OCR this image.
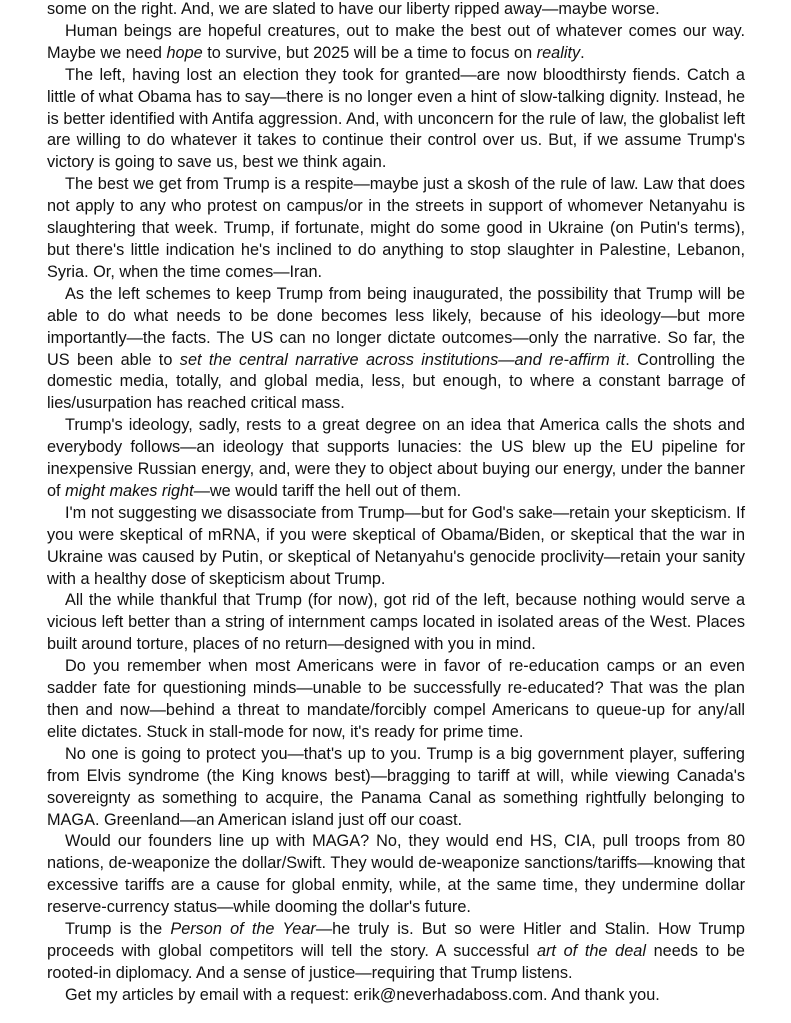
some on the right. And, we are slated to have our liberty ripped away—maybe worse.

Human beings are hopeful creatures, out to make the best out of whatever comes our way. Maybe we need hope to survive, but 2025 will be a time to focus on reality.

The left, having lost an election they took for granted—are now bloodthirsty fiends. Catch a little of what Obama has to say—there is no longer even a hint of slow-talking dignity. Instead, he is better identified with Antifa aggression. And, with unconcern for the rule of law, the globalist left are willing to do whatever it takes to continue their control over us. But, if we assume Trump's victory is going to save us, best we think again.

The best we get from Trump is a respite—maybe just a skosh of the rule of law. Law that does not apply to any who protest on campus/or in the streets in support of whomever Netanyahu is slaughtering that week. Trump, if fortunate, might do some good in Ukraine (on Putin's terms), but there's little indication he's inclined to do anything to stop slaughter in Palestine, Lebanon, Syria. Or, when the time comes—Iran.

As the left schemes to keep Trump from being inaugurated, the possibility that Trump will be able to do what needs to be done becomes less likely, because of his ideology—but more importantly—the facts. The US can no longer dictate outcomes—only the narrative. So far, the US been able to set the central narrative across institutions—and re-affirm it. Controlling the domestic media, totally, and global media, less, but enough, to where a constant barrage of lies/usurpation has reached critical mass.

Trump's ideology, sadly, rests to a great degree on an idea that America calls the shots and everybody follows—an ideology that supports lunacies: the US blew up the EU pipeline for inexpensive Russian energy, and, were they to object about buying our energy, under the banner of might makes right—we would tariff the hell out of them.

I'm not suggesting we disassociate from Trump—but for God's sake—retain your skepticism. If you were skeptical of mRNA, if you were skeptical of Obama/Biden, or skeptical that the war in Ukraine was caused by Putin, or skeptical of Netanyahu's genocide proclivity—retain your sanity with a healthy dose of skepticism about Trump.

All the while thankful that Trump (for now), got rid of the left, because nothing would serve a vicious left better than a string of internment camps located in isolated areas of the West. Places built around torture, places of no return—designed with you in mind.

Do you remember when most Americans were in favor of re-education camps or an even sadder fate for questioning minds—unable to be successfully re-educated? That was the plan then and now—behind a threat to mandate/forcibly compel Americans to queue-up for any/all elite dictates. Stuck in stall-mode for now, it's ready for prime time.

No one is going to protect you—that's up to you. Trump is a big government player, suffering from Elvis syndrome (the King knows best)—bragging to tariff at will, while viewing Canada's sovereignty as something to acquire, the Panama Canal as something rightfully belonging to MAGA. Greenland—an American island just off our coast.

Would our founders line up with MAGA? No, they would end HS, CIA, pull troops from 80 nations, de-weaponize the dollar/Swift. They would de-weaponize sanctions/​tariffs—knowing that excessive tariffs are a cause for global enmity, while, at the same time, they undermine dollar reserve-currency status—while dooming the dollar's future.

Trump is the Person of the Year—he truly is. But so were Hitler and Stalin. How Trump proceeds with global competitors will tell the story. A successful art of the deal needs to be rooted-in diplomacy. And a sense of justice—requiring that Trump listens.

Get my articles by email with a request: erik@neverhadaboss.com. And thank you.
